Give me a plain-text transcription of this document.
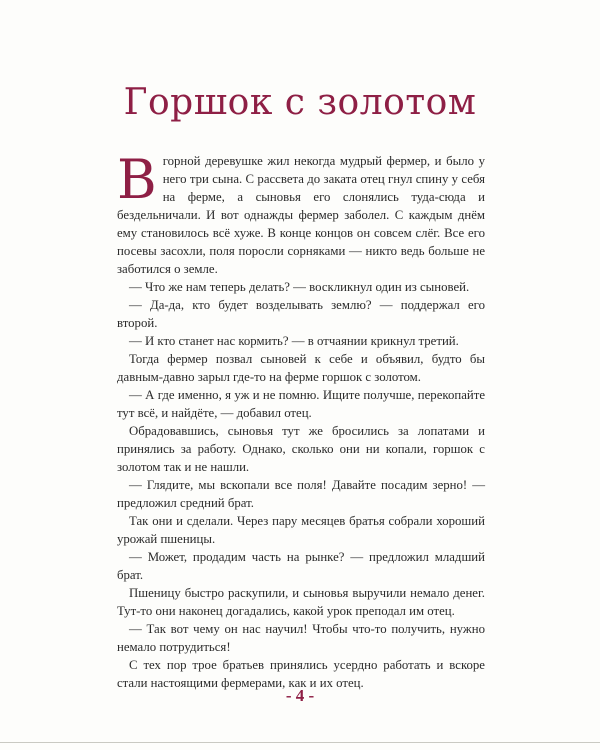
Горшок с золотом

Вгорной деревушке жил некогда мудрый фермер, и было у него три сына. С рассвета до заката отец гнул спину у себя на ферме, а сыновья его слонялись туда-сюда и бездельничали. И вот однажды фермер заболел. С каждым днём ему становилось всё хуже. В конце концов он совсем слёг. Все его посевы засохли, поля поросли сорняками — никто ведь больше не заботился о земле.

— Что же нам теперь делать? — воскликнул один из сыновей.

— Да-да, кто будет возделывать землю? — поддержал его второй.

— И кто станет нас кормить? — в отчаянии крикнул третий.

Тогда фермер позвал сыновей к себе и объявил, будто бы давным-давно зарыл где-то на ферме горшок с золотом.

— А где именно, я уж и не помню. Ищите получше, перекопайте тут всё, и найдёте, — добавил отец.

Обрадовавшись, сыновья тут же бросились за лопатами и принялись за работу. Однако, сколько они ни копали, горшок с золотом так и не нашли.

— Глядите, мы вскопали все поля! Давайте посадим зерно! — предложил средний брат.

Так они и сделали. Через пару месяцев братья собрали хороший урожай пшеницы.

— Может, продадим часть на рынке? — предложил младший брат.

Пшеницу быстро раскупили, и сыновья выручили немало денег. Тут-то они наконец догадались, какой урок преподал им отец.

— Так вот чему он нас научил! Чтобы что-то получить, нужно немало потрудиться!

С тех пор трое братьев принялись усердно работать и вскоре стали настоящими фермерами, как и их отец.

- 4 -
